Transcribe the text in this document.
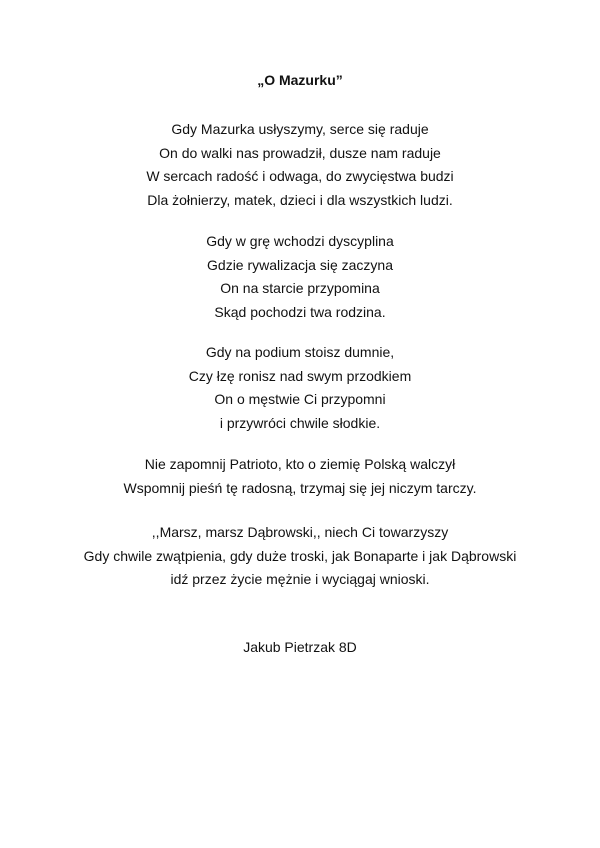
„O Mazurku”
Gdy Mazurka usłyszymy, serce się raduje
On do walki nas prowadził, dusze nam raduje
W sercach radość i odwaga, do zwycięstwa budzi
Dla żołnierzy, matek, dzieci i dla wszystkich ludzi.
Gdy w grę wchodzi dyscyplina
Gdzie rywalizacja się zaczyna
On na starcie przypomina
Skąd pochodzi twa rodzina.
Gdy na podium stoisz dumnie,
Czy łzę ronisz nad swym przodkiem
On o męstwie Ci przypomni
i przywróci chwile słodkie.
Nie zapomnij Patrioto, kto o ziemię Polską walczył
Wspomnij pieśń tę radosną, trzymaj się jej niczym tarczy.
,,Marsz, marsz Dąbrowski,, niech Ci towarzyszy
Gdy chwile zwątpienia, gdy duże troski, jak Bonaparte i jak Dąbrowski
idź przez życie mężnie i wyciągaj wnioski.
Jakub Pietrzak 8D
